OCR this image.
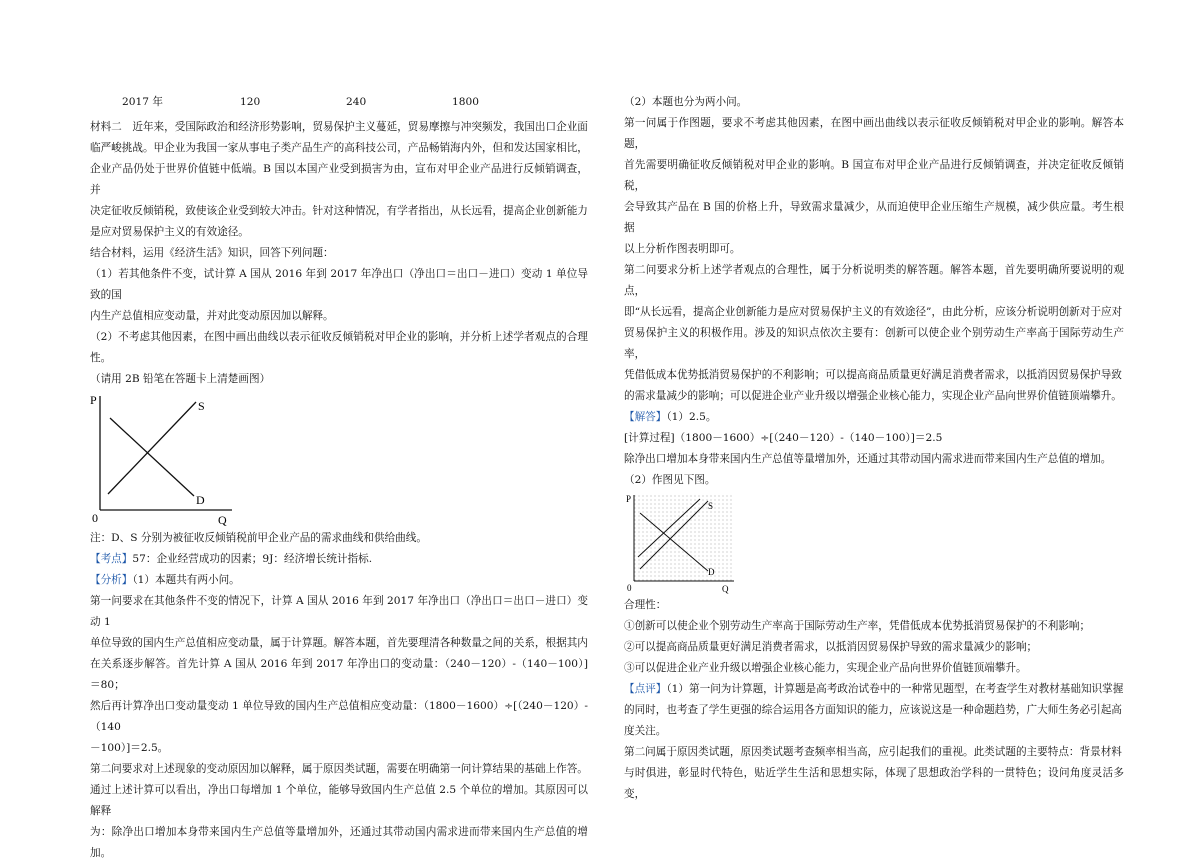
2017 年	120	240	1800

材料二　近年来，受国际政治和经济形势影响，贸易保护主义蔓延，贸易摩擦与冲突频发，我国出口企业面

临严峻挑战。甲企业为我国一家从事电子类产品生产的高科技公司，产品畅销海内外，但和发达国家相比，

企业产品仍处于世界价值链中低端。B 国以本国产业受到损害为由，宣布对甲企业产品进行反倾销调查，并

决定征收反倾销税，致使该企业受到较大冲击。针对这种情况，有学者指出，从长远看，提高企业创新能力

是应对贸易保护主义的有效途径。

结合材料，运用《经济生活》知识，回答下列问题：

（1）若其他条件不变，试计算 A 国从 2016 年到 2017 年净出口（净出口＝出口－进口）变动 1 单位导致的国

内生产总值相应变动量，并对此变动原因加以解释。

（2）不考虑其他因素，在图中画出曲线以表示征收反倾销税对甲企业的影响，并分析上述学者观点的合理性。

（请用 2B 铅笔在答题卡上清楚画图）

P	S
D
0	Q

注：D、S 分别为被征收反倾销税前甲企业产品的需求曲线和供给曲线。

【考点】57：企业经营成功的因素；9J：经济增长统计指标.

【分析】（1）本题共有两小问。

第一问要求在其他条件不变的情况下，计算 A 国从 2016 年到 2017 年净出口（净出口＝出口－进口）变动 1

单位导致的国内生产总值相应变动量，属于计算题。解答本题，首先要理清各种数量之间的关系，根据其内

在关系逐步解答。首先计算 A 国从 2016 年到 2017 年净出口的变动量：（240－120）-（140－100）]＝80；

然后再计算净出口变动量变动 1 单位导致的国内生产总值相应变动量：（1800－1600）÷[（240－120）-（140

－100）]＝2.5。

第二问要求对上述现象的变动原因加以解释，属于原因类试题，需要在明确第一问计算结果的基础上作答。

通过上述计算可以看出，净出口每增加 1 个单位，能够导致国内生产总值 2.5 个单位的增加。其原因可以解释

为：除净出口增加本身带来国内生产总值等量增加外，还通过其带动国内需求进而带来国内生产总值的增加。

（2）本题也分为两小问。

第一问属于作图题，要求不考虑其他因素，在图中画出曲线以表示征收反倾销税对甲企业的影响。解答本题，

首先需要明确征收反倾销税对甲企业的影响。B 国宣布对甲企业产品进行反倾销调查，并决定征收反倾销税，

会导致其产品在 B 国的价格上升，导致需求量减少，从而迫使甲企业压缩生产规模，减少供应量。考生根据

以上分析作图表明即可。

第二问要求分析上述学者观点的合理性，属于分析说明类的解答题。解答本题，首先要明确所要说明的观点，

即“从长远看，提高企业创新能力是应对贸易保护主义的有效途径”，由此分析，应该分析说明创新对于应对

贸易保护主义的积极作用。涉及的知识点依次主要有：创新可以使企业个别劳动生产率高于国际劳动生产率，

凭借低成本优势抵消贸易保护的不利影响；可以提高商品质量更好满足消费者需求，以抵消因贸易保护导致

的需求量减少的影响；可以促进企业产业升级以增强企业核心能力，实现企业产品向世界价值链顶端攀升。

【解答】（1）2.5。

[计算过程]（1800－1600）÷[（240－120）-（140－100）]＝2.5

除净出口增加本身带来国内生产总值等量增加外，还通过其带动国内需求进而带来国内生产总值的增加。

（2）作图见下图。

P
S
D
0	Q

合理性：

①创新可以使企业个别劳动生产率高于国际劳动生产率，凭借低成本优势抵消贸易保护的不利影响；

②可以提高商品质量更好满足消费者需求，以抵消因贸易保护导致的需求量减少的影响；

③可以促进企业产业升级以增强企业核心能力，实现企业产品向世界价值链顶端攀升。

【点评】（1）第一问为计算题，计算题是高考政治试卷中的一种常见题型，在考查学生对教材基础知识掌握

的同时，也考查了学生更强的综合运用各方面知识的能力，应该说这是一种命题趋势，广大师生务必引起高

度关注。

第二问属于原因类试题，原因类试题考查频率相当高，应引起我们的重视。此类试题的主要特点：背景材料

与时俱进，彰显时代特色，贴近学生生活和思想实际，体现了思想政治学科的一贯特色；设问角度灵活多变，
